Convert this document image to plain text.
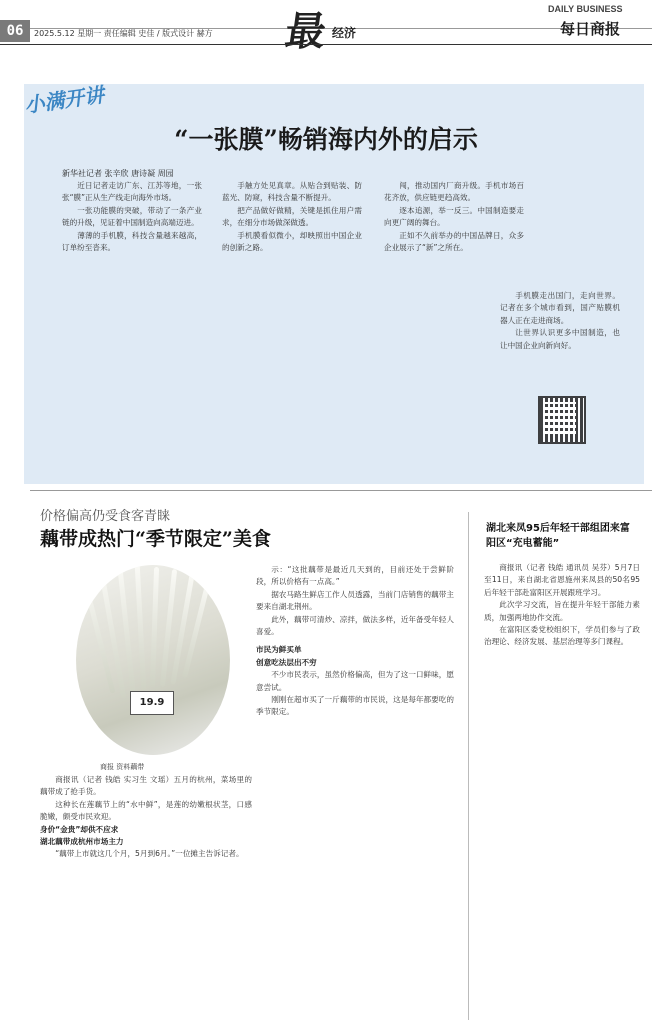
06	2025.5.12 星期一 责任编辑 史佳 / 版式设计 赫方 最 经济
DAILY BUSINESS
每日商报
小满开讲
“一张膜”畅销海内外的启示
新华社记者 张辛欣 唐诗凝 周园

近日记者走访广东、江苏等地，一张张“膜”正从生产线走向海外市场。

一张功能膜的突破，带动了一条产业链的升级，见证着中国制造向高端迈进。

薄薄的手机膜，科技含量越来越高，订单纷至沓来。

手触方处见真章。从贴合到贴装、防蓝光、防窥，科技含量不断提升。

把产品做好做精，关键是抓住用户需求，在细分市场做深做透。

手机膜看似微小，却映照出中国企业的创新之路。

闯，推动国内厂商升级。手机市场百花齐放，供应链更趋高效。

逐本追源，举一反三。中国制造要走向更广阔的舞台。

正如不久前举办的中国品牌日，众多企业展示了“新”之所在。

手机膜走出国门，走向世界。记者在多个城市看到，国产贴膜机器人正在走进商场。

让世界认识更多中国制造，也让中国企业向新向好。

价格偏高仍受食客青睐
藕带成热门“季节限定”美食
19.9
商报 资料藕带

商报讯（记者 钱皓 实习生 文瑶）五月的杭州，菜场里的藕带成了抢手货。

这种长在莲藕节上的“水中鲜”，是莲的幼嫩根状茎，口感脆嫩，颇受市民欢迎。

身价“金贵”却供不应求

湖北藕带成杭州市场主力

“藕带上市就这几个月，5月到6月。”一位摊主告诉记者。

示：“这批藕带是最近几天到的，目前还处于尝鲜阶段，所以价格有一点高。”

据农马路生鲜店工作人员透露，当前门店销售的藕带主要来自湖北荆州。

此外，藕带可清炒、凉拌，做法多样，近年备受年轻人喜爱。

市民为鲜买单

创意吃法层出不穷

不少市民表示，虽然价格偏高，但为了这一口鲜味，愿意尝试。

刚刚在超市买了一斤藕带的市民说，这是每年都要吃的季节限定。

湖北来凤95后年轻干部组团来富阳区“充电蓄能”

商报讯（记者 钱皓 通讯员 吴芬）5月7日至11日，来自湖北省恩施州来凤县的50名95后年轻干部赴富阳区开展跟班学习。

此次学习交流，旨在提升年轻干部能力素质，加强两地协作交流。

在富阳区委党校组织下，学员们参与了政治理论、经济发展、基层治理等多门课程。
